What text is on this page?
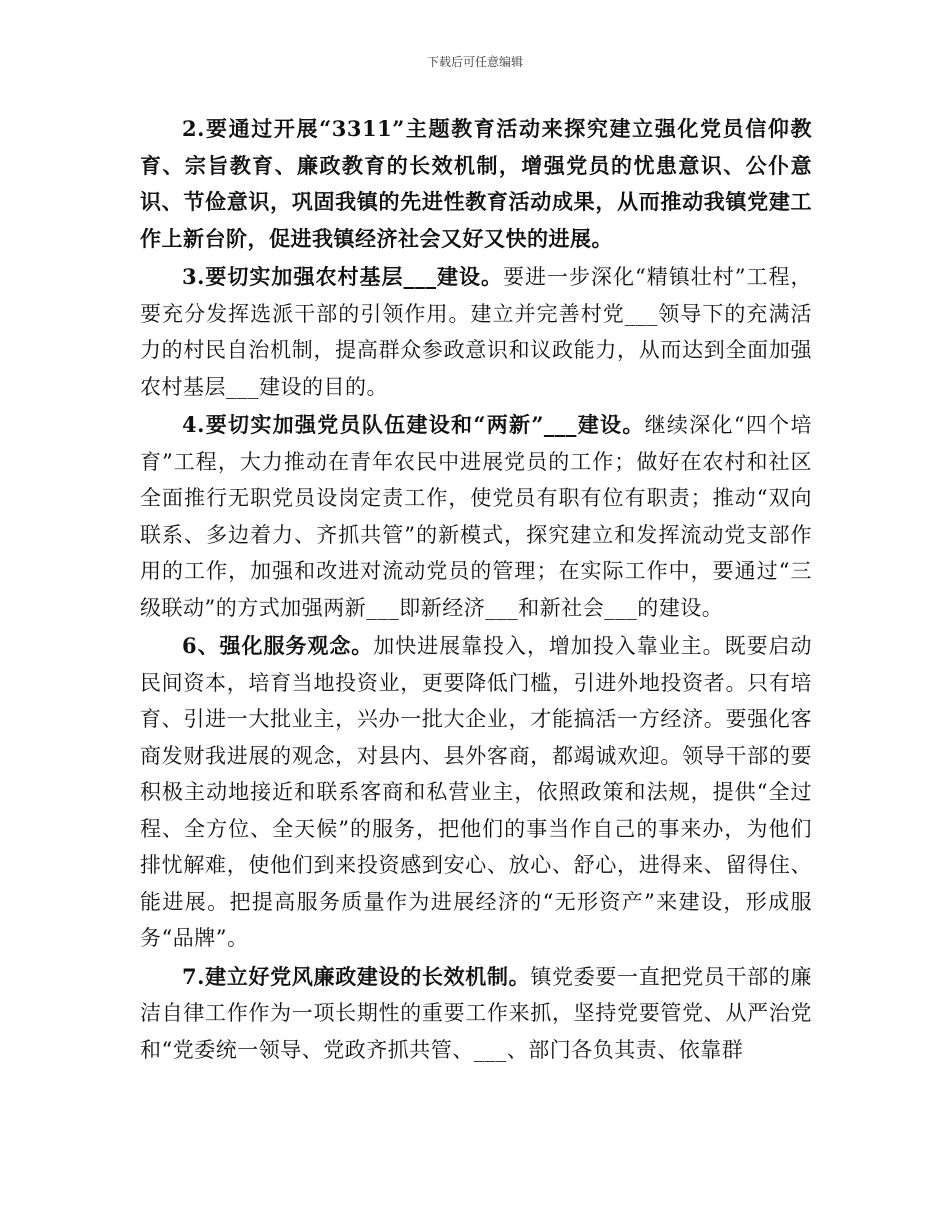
下载后可任意编辑

2.要通过开展“3311”主题教育活动来探究建立强化党员信仰教育、宗旨教育、廉政教育的长效机制，增强党员的忧患意识、公仆意识、节俭意识，巩固我镇的先进性教育活动成果，从而推动我镇党建工作上新台阶，促进我镇经济社会又好又快的进展。

3.要切实加强农村基层___建设。要进一步深化“精镇壮村”工程，要充分发挥选派干部的引领作用。建立并完善村党___领导下的充满活力的村民自治机制，提高群众参政意识和议政能力，从而达到全面加强农村基层___建设的目的。

4.要切实加强党员队伍建设和“两新”___建设。继续深化“四个培育”工程，大力推动在青年农民中进展党员的工作；做好在农村和社区全面推行无职党员设岗定责工作，使党员有职有位有职责；推动“双向联系、多边着力、齐抓共管”的新模式，探究建立和发挥流动党支部作用的工作，加强和改进对流动党员的管理；在实际工作中，要通过“三级联动”的方式加强两新___即新经济___和新社会___的建设。

6、强化服务观念。加快进展靠投入，增加投入靠业主。既要启动民间资本，培育当地投资业，更要降低门槛，引进外地投资者。只有培育、引进一大批业主，兴办一批大企业，才能搞活一方经济。要强化客商发财我进展的观念，对县内、县外客商，都竭诚欢迎。领导干部的要积极主动地接近和联系客商和私营业主，依照政策和法规，提供“全过程、全方位、全天候”的服务，把他们的事当作自己的事来办，为他们排忧解难，使他们到来投资感到安心、放心、舒心，进得来、留得住、能进展。把提高服务质量作为进展经济的“无形资产”来建设，形成服务“品牌”。

7.建立好党风廉政建设的长效机制。镇党委要一直把党员干部的廉洁自律工作作为一项长期性的重要工作来抓，坚持党要管党、从严治党和“党委统一领导、党政齐抓共管、___、部门各负其责、依靠群
